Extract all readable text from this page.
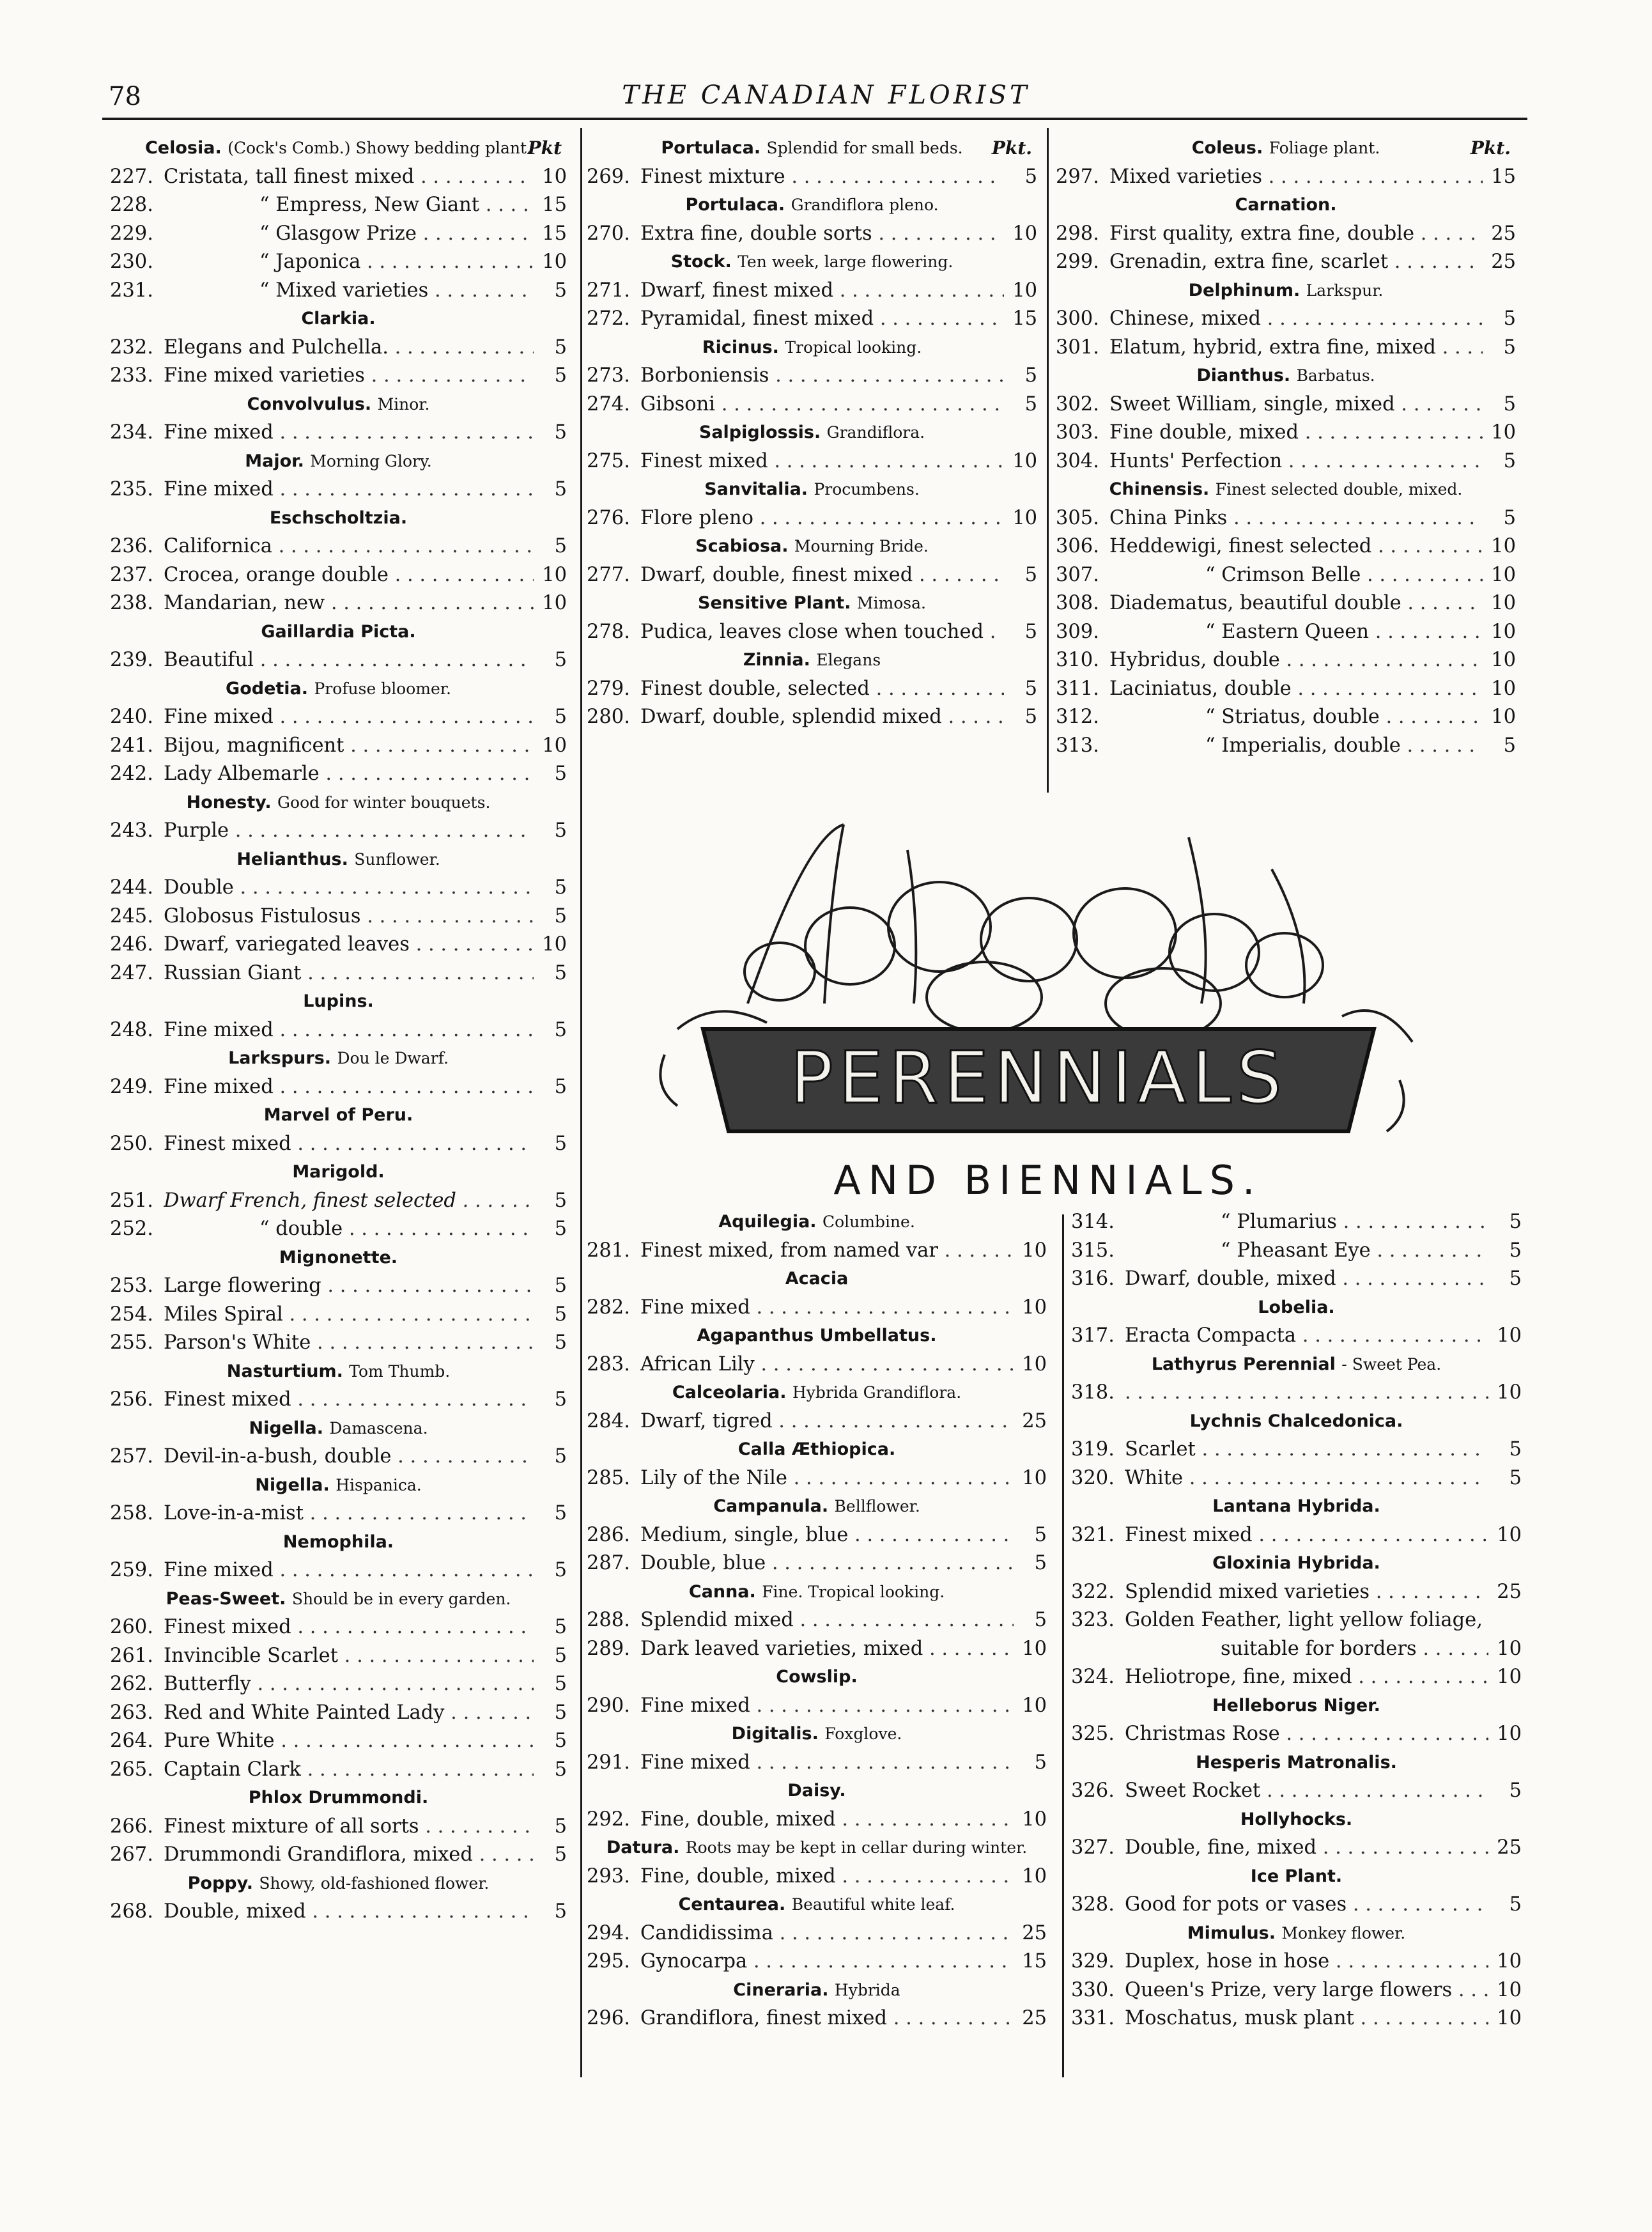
78	THE CANADIAN FLORIST
Celosia. (Cock's Comb.) Showy bedding plant.
Pkt
227. Cristata, tall finest mixed . . .	10
228.	“ Empress, New Giant . . .	15
229.	“ Glasgow Prize . . .	15
230.	“ Japonica . . .	10
231.	“ Mixed varieties . . .	5
Clarkia.
232. Elegans and Pulchella. . . .	5
233. Fine mixed varieties . . .	5
Convolvulus. Minor.
234. Fine mixed . . .	5
Major. Morning Glory.
235. Fine mixed . . .	5
Eschscholtzia.
236. Californica . . .	5
237. Crocea, orange double . . .	10
238. Mandarian, new . . .	10
Gaillardia Picta.
239. Beautiful . . .	5
Godetia. Profuse bloomer.
240. Fine mixed . . .	5
241. Bijou, magnificent . . .	10
242. Lady Albemarle . . .	5
Honesty. Good for winter bouquets.
243. Purple . . .	5
Helianthus. Sunflower.
244. Double . . .	5
245. Globosus Fistulosus . . .	5
246. Dwarf, variegated leaves . . .	10
247. Russian Giant . . .	5
Lupins.
248. Fine mixed . . .	5
Larkspurs. Dou le Dwarf.
249. Fine mixed . . .	5
Marvel of Peru.
250. Finest mixed . . .	5
Marigold.
251. Dwarf French, finest selected . . .	5
252.	“ double . . .	5
Mignonette.
253. Large flowering . . .	5
254. Miles Spiral . . .	5
255. Parson's White . . .	5
Nasturtium. Tom Thumb.
256. Finest mixed . . .	5
Nigella. Damascena.
257. Devil-in-a-bush, double . . .	5
Nigella. Hispanica.
258. Love-in-a-mist . . .	5
Nemophila.
259. Fine mixed . . .	5
Peas-Sweet. Should be in every garden.
260. Finest mixed . . .	5
261. Invincible Scarlet . . .	5
262. Butterfly . . .	5
263. Red and White Painted Lady . . .	5
264. Pure White . . .	5
265. Captain Clark . . .	5
Phlox Drummondi.
266. Finest mixture of all sorts . . .	5
267. Drummondi Grandiflora, mixed . . .	5
Poppy. Showy, old-fashioned flower.
268. Double, mixed . . .	5
Portulaca. Splendid for small beds. Pkt.
269. Finest mixture . . .	5
Portulaca. Grandiflora pleno.
270. Extra fine, double sorts . . .	10
Stock. Ten week, large flowering.
271. Dwarf, finest mixed . . .	10
272. Pyramidal, finest mixed . . .	15
Ricinus. Tropical looking.
273. Borboniensis . . .	5
274. Gibsoni . . .	5
Salpiglossis. Grandiflora.
275. Finest mixed . . .	10
Sanvitalia. Procumbens.
276. Flore pleno . . .	10
Scabiosa. Mourning Bride.
277. Dwarf, double, finest mixed . . .	5
Sensitive Plant. Mimosa.
278. Pudica, leaves close when touched . . .	5
Zinnia. Elegans
279. Finest double, selected . . .	5
280. Dwarf, double, splendid mixed . . .	5
Coleus. Foliage plant.	Pkt.
297. Mixed varieties . . .	15
Carnation.
298. First quality, extra fine, double . . .	25
299. Grenadin, extra fine, scarlet . . .	25
Delphinum. Larkspur.
300. Chinese, mixed . . .	5
301. Elatum, hybrid, extra fine, mixed . . .	5
Dianthus. Barbatus.
302. Sweet William, single, mixed . . .	5
303. Fine double, mixed . . .	10
304. Hunts' Perfection . . .	5
Chinensis. Finest selected double, mixed.
305. China Pinks . . .	5
306. Heddewigi, finest selected . . .	10
307.	“ Crimson Belle . . .	10
308. Diadematus, beautiful double . . .	10
309.	“ Eastern Queen . . .	10
310. Hybridus, double . . .	10
311. Laciniatus, double . . .	10
312.	“ Striatus, double . . .	10
313.	“ Imperialis, double . . .	5
Aquilegia. Columbine.
281. Finest mixed, from named var . . .	10
Acacia
282. Fine mixed . . .	10
Agapanthus Umbellatus.
283. African Lily . . .	10
Calceolaria. Hybrida Grandiflora.
284. Dwarf, tigred . . .	25
Calla Æthiopica.
285. Lily of the Nile . . .	10
Campanula. Bellflower.
286. Medium, single, blue . . .	5
287. Double, blue . . .	5
Canna. Fine. Tropical looking.
288. Splendid mixed . . .	5
289. Dark leaved varieties, mixed . . .	10
Cowslip.
290. Fine mixed . . .	10
Digitalis. Foxglove.
291. Fine mixed . . .	5
Daisy.
292. Fine, double, mixed . . .	10
Datura. Roots may be kept in cellar during winter.
293. Fine, double, mixed . . .	10
Centaurea. Beautiful white leaf.
294. Candidissima . . .	25
295. Gynocarpa . . .	15
Cineraria. Hybrida
296. Grandiflora, finest mixed . . .	25
314.	“ Plumarius . . .	5
315.	“ Pheasant Eye . . .	5
316. Dwarf, double, mixed . . .	5
Lobelia.
317. Eracta Compacta . . .	10
Lathyrus Perennial - Sweet Pea.
318. . . .	10
Lychnis Chalcedonica.
319. Scarlet . . .	5
320. White . . .	5
Lantana Hybrida.
321. Finest mixed . . .	10
Gloxinia Hybrida.
322. Splendid mixed varieties . . .	25
323. Golden Feather, light yellow foliage, . . .
suitable for borders . . .	10
324. Heliotrope, fine, mixed . . .	10
Helleborus Niger.
325. Christmas Rose . . .	10
Hesperis Matronalis.
326. Sweet Rocket . . .	5
Hollyhocks.
327. Double, fine, mixed . . .	25
Ice Plant.
328. Good for pots or vases . . .	5
Mimulus. Monkey flower.
329. Duplex, hose in hose . . .	10
330. Queen's Prize, very large flowers . . .	10
331. Moschatus, musk plant . . .	10
PERENNIALS
AND BIENNIALS.
